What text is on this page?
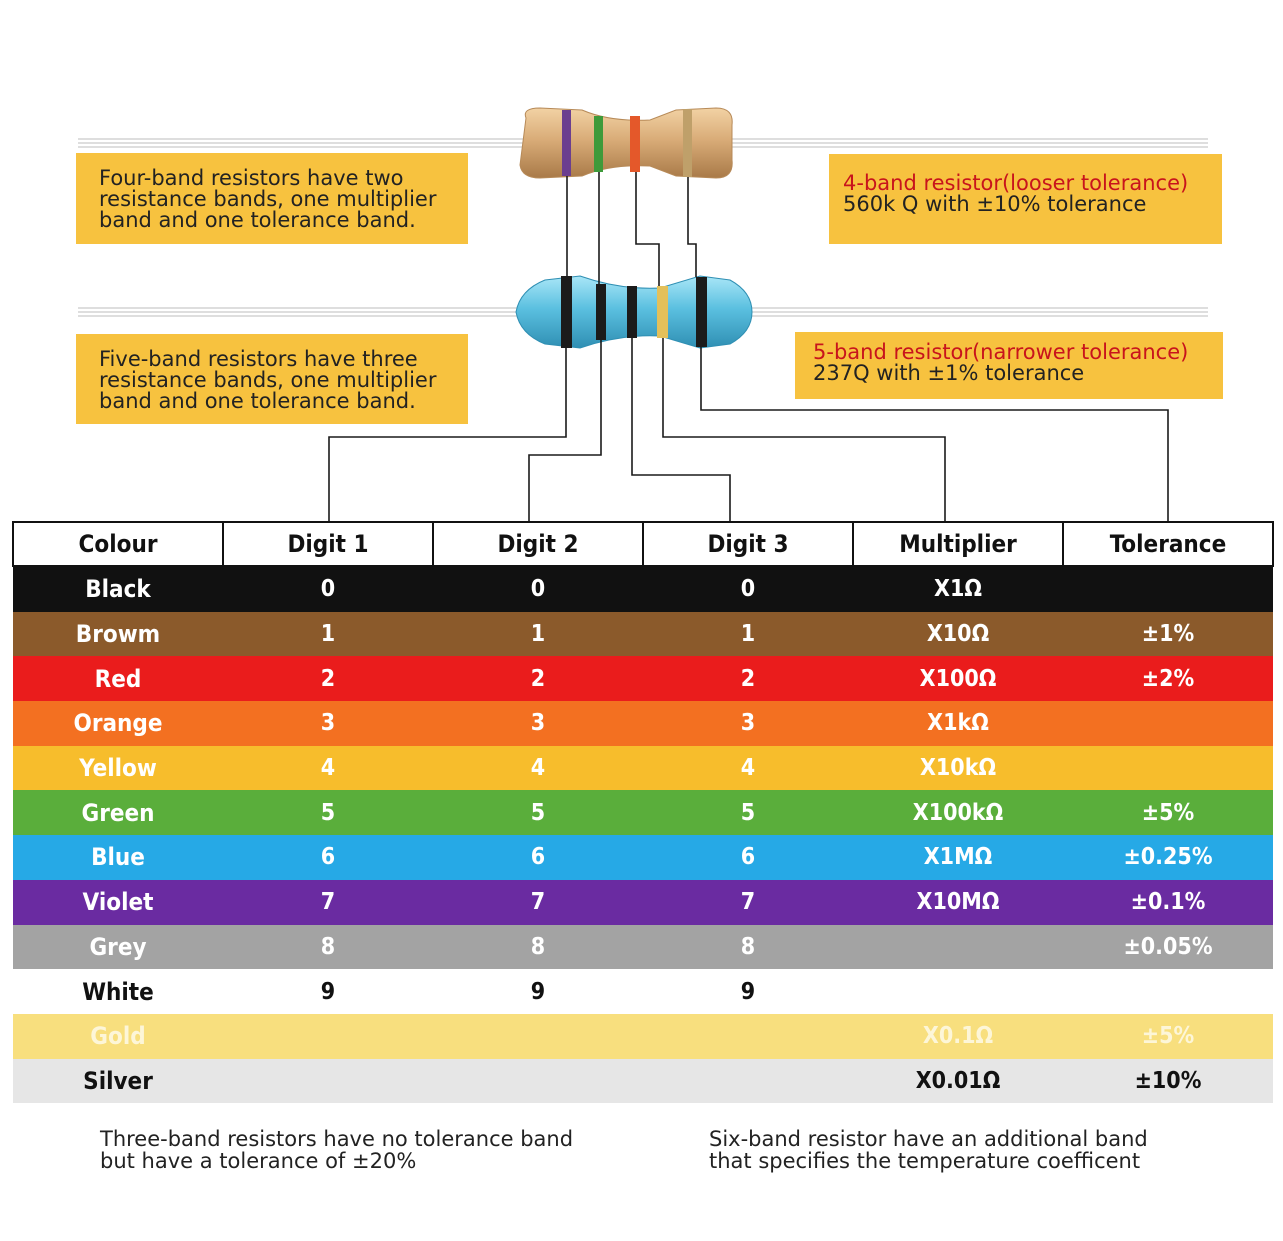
Four-band resistors have two
resistance bands, one multiplier
band and one tolerance band.
Five-band resistors have three
resistance bands, one multiplier
band and one tolerance band.
4-band resistor(looser tolerance)
560k Q with ±10% tolerance
5-band resistor(narrower tolerance)
237Q with ±1% tolerance
Colour	Digit 1	Digit 2	Digit 3	Multiplier	Tolerance
Black	0	0	0	X1Ω	
Browm	1	1	1	X10Ω	±1%
Red	2	2	2	X100Ω	±2%
Orange	3	3	3	X1kΩ	
Yellow	4	4	4	X10kΩ	
Green	5	5	5	X100kΩ	±5%
Blue	6	6	6	X1MΩ	±0.25%
Violet	7	7	7	X10MΩ	±0.1%
Grey	8	8	8		±0.05%
White	9	9	9		
Gold				X0.1Ω	±5%
Silver				X0.01Ω	±10%
Three-band resistors have no tolerance band
but have a tolerance of ±20%
Six-band resistor have an additional band
that specifies the temperature coefficent
